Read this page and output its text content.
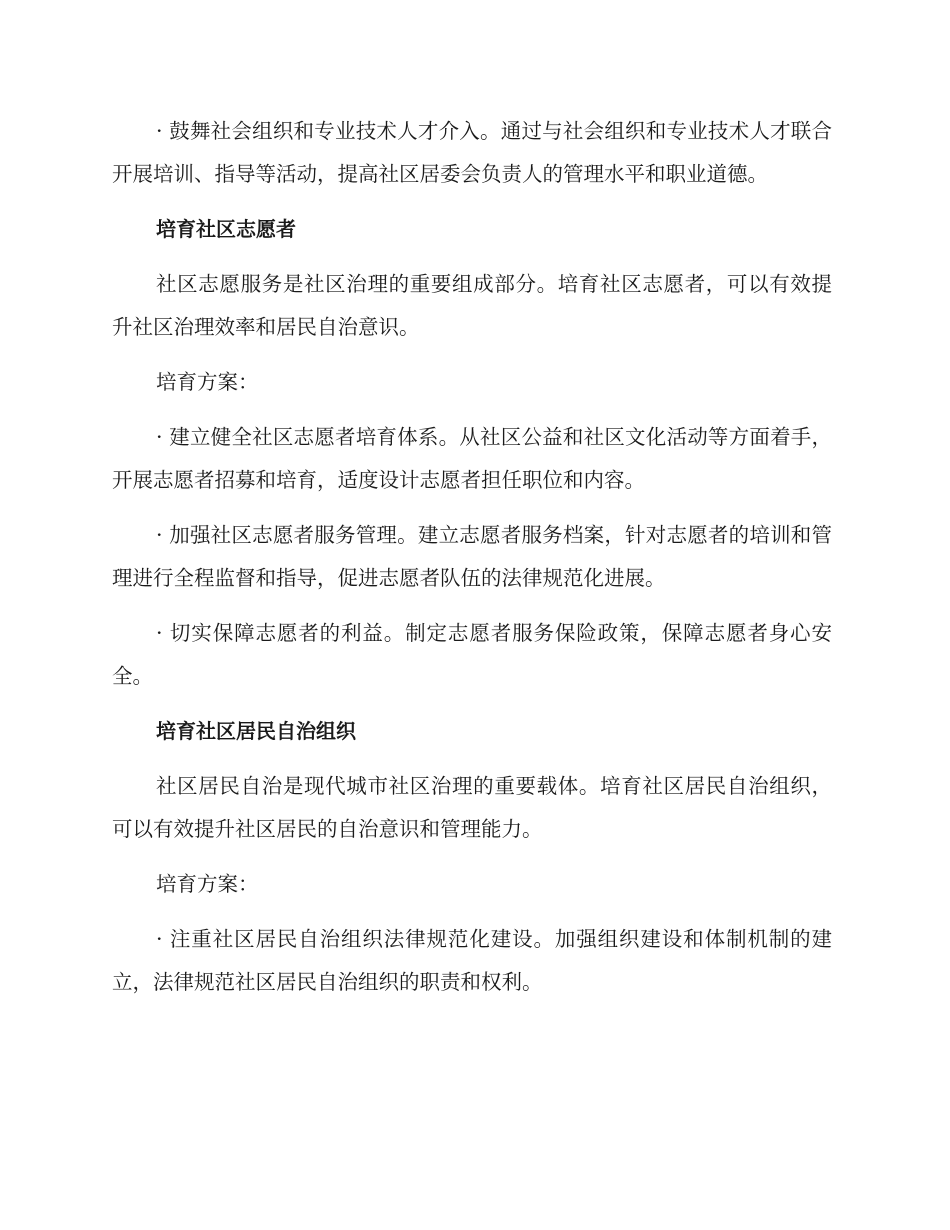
· 鼓舞社会组织和专业技术人才介入。通过与社会组织和专业技术人才联合开展培训、指导等活动，提高社区居委会负责人的管理水平和职业道德。

培育社区志愿者

社区志愿服务是社区治理的重要组成部分。培育社区志愿者，可以有效提升社区治理效率和居民自治意识。

培育方案：

· 建立健全社区志愿者培育体系。从社区公益和社区文化活动等方面着手，开展志愿者招募和培育，适度设计志愿者担任职位和内容。

· 加强社区志愿者服务管理。建立志愿者服务档案，针对志愿者的培训和管理进行全程监督和指导，促进志愿者队伍的法律规范化进展。

· 切实保障志愿者的利益。制定志愿者服务保险政策，保障志愿者身心安全。

培育社区居民自治组织

社区居民自治是现代城市社区治理的重要载体。培育社区居民自治组织，可以有效提升社区居民的自治意识和管理能力。

培育方案：

· 注重社区居民自治组织法律规范化建设。加强组织建设和体制机制的建立，法律规范社区居民自治组织的职责和权利。
